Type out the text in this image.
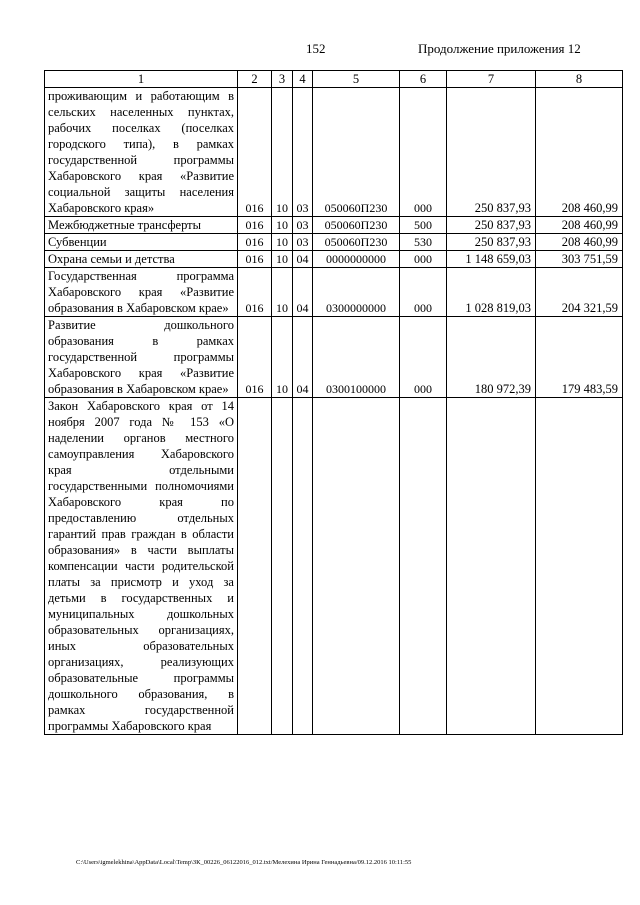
152	Продолжение приложения 12
1	2	3	4	5	6	7	8
проживающим и работающим в сельских населенных пунктах, рабочих поселках (поселках городского типа), в рамках государственной программы Хабаровского края «Развитие социальной защиты населения Хабаровского края»	016	10	03	050060П230	000	250 837,93	208 460,99
Межбюджетные трансферты	016	10	03	050060П230	500	250 837,93	208 460,99
Субвенции	016	10	03	050060П230	530	250 837,93	208 460,99
Охрана семьи и детства	016	10	04	0000000000	000	1 148 659,03	303 751,59
Государственная программа Хабаровского края «Развитие образования в Хабаровском крае»	016	10	04	0300000000	000	1 028 819,03	204 321,59
Развитие дошкольного образования в рамках государственной программы Хабаровского края «Развитие образования в Хабаровском крае»	016	10	04	0300100000	000	180 972,39	179 483,59
Закон Хабаровского края от 14 ноября 2007 года № 153 «О наделении органов местного самоуправления Хабаровского края отдельными государственными полномочиями Хабаровского края по предоставлению отдельных гарантий прав граждан в области образования» в части выплаты компенсации части родительской платы за присмотр и уход за детьми в государственных и муниципальных дошкольных образовательных организациях, иных образовательных организациях, реализующих образовательные программы дошкольного образования, в рамках государственной программы Хабаровского края							
C:\Users\igmelekhina\AppData\Local\Temp\ЗК_00226_06122016_012.txt/Мелехина Ирина Геннадьевна/09.12.2016 10:11:55
